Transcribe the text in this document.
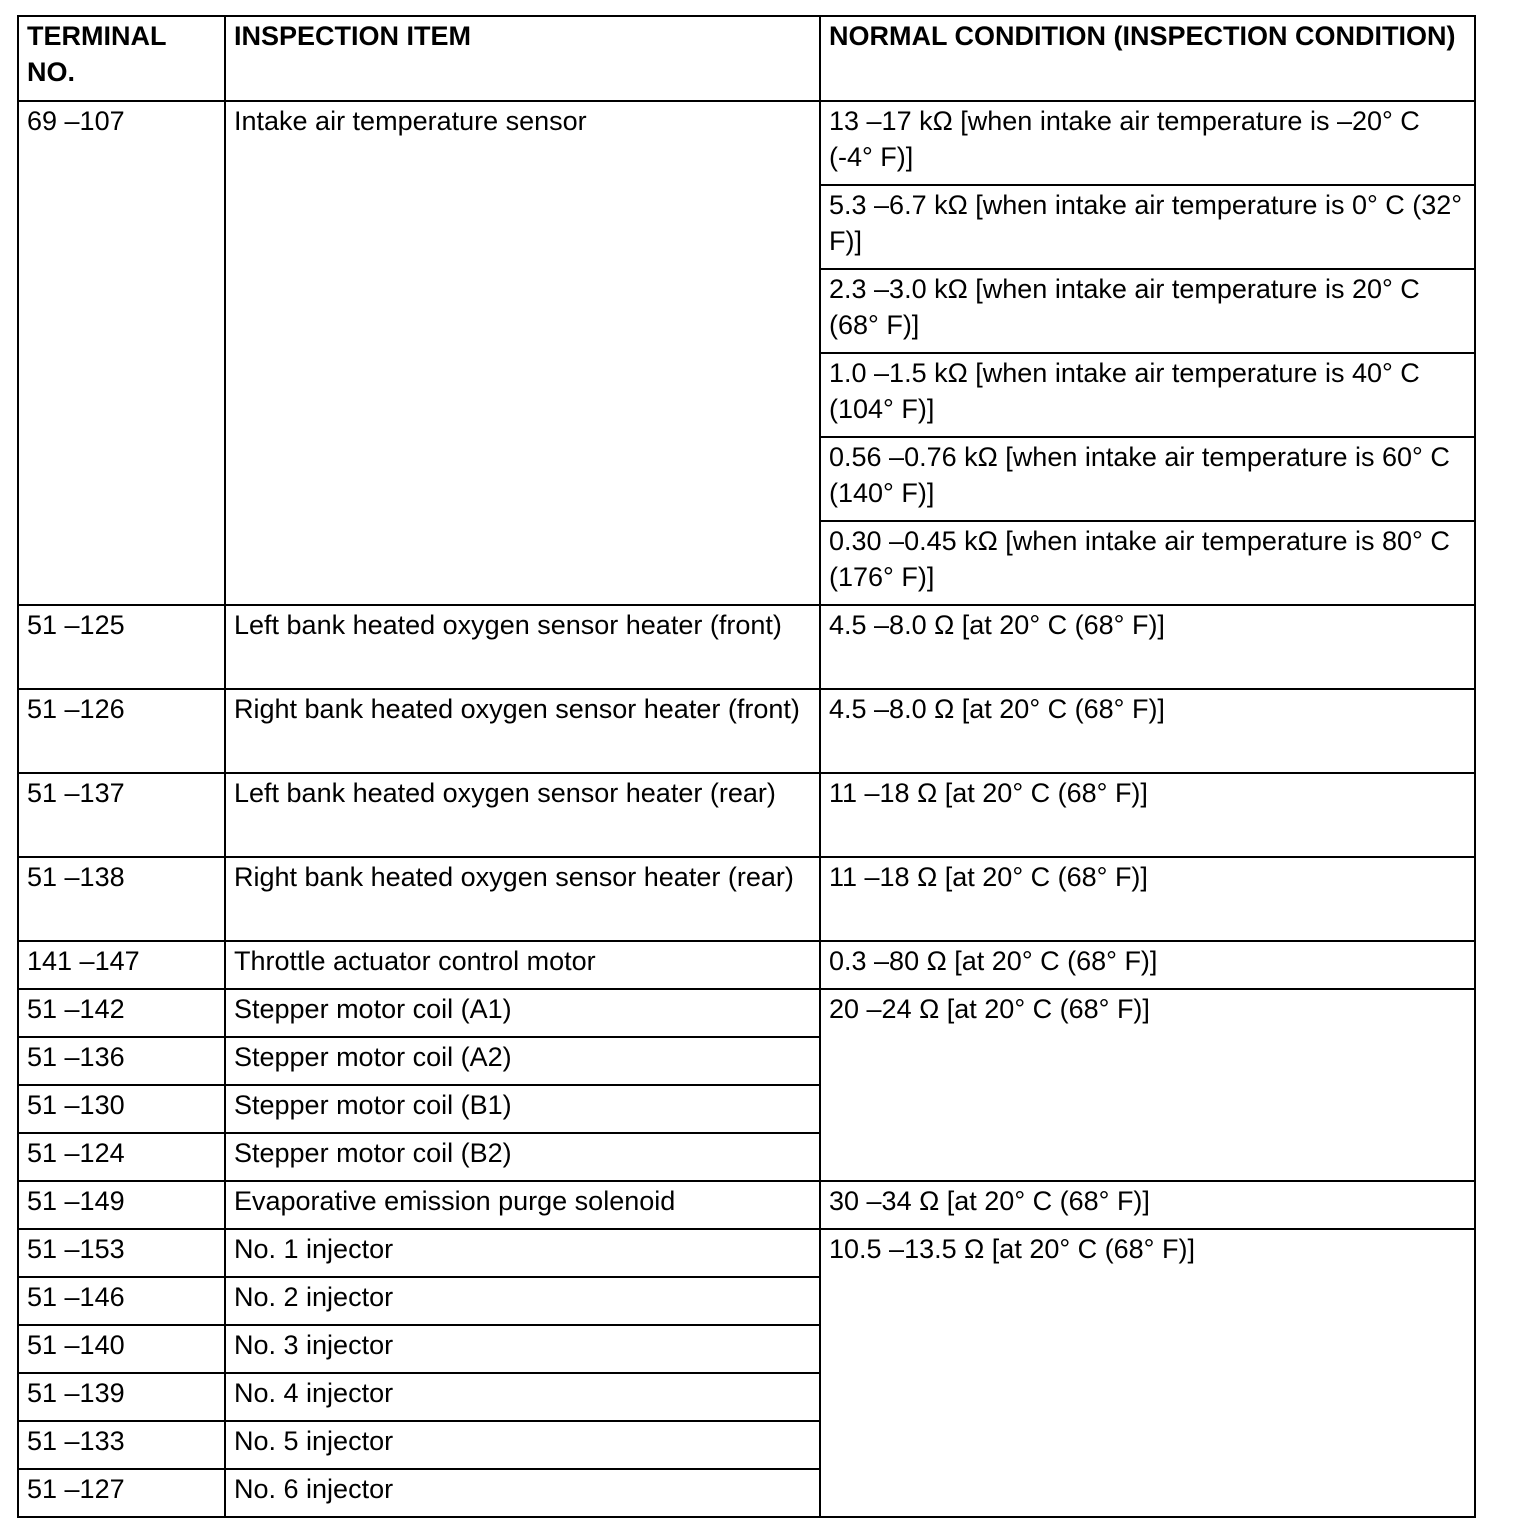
TERMINAL NO.	INSPECTION ITEM	NORMAL CONDITION (INSPECTION CONDITION)
69 –107	Intake air temperature sensor	13 –17 kΩ [when intake air temperature is –20° C (-4° F)]
		5.3 –6.7 kΩ [when intake air temperature is 0° C (32° F)]
		2.3 –3.0 kΩ [when intake air temperature is 20° C (68° F)]
		1.0 –1.5 kΩ [when intake air temperature is 40° C (104° F)]
		0.56 –0.76 kΩ [when intake air temperature is 60° C (140° F)]
		0.30 –0.45 kΩ [when intake air temperature is 80° C (176° F)]
51 –125	Left bank heated oxygen sensor heater (front)	4.5 –8.0 Ω [at 20° C (68° F)]
51 –126	Right bank heated oxygen sensor heater (front)	4.5 –8.0 Ω [at 20° C (68° F)]
51 –137	Left bank heated oxygen sensor heater (rear)	11 –18 Ω [at 20° C (68° F)]
51 –138	Right bank heated oxygen sensor heater (rear)	11 –18 Ω [at 20° C (68° F)]
141 –147	Throttle actuator control motor	0.3 –80 Ω [at 20° C (68° F)]
51 –142	Stepper motor coil (A1)	20 –24 Ω [at 20° C (68° F)]
51 –136	Stepper motor coil (A2)	
51 –130	Stepper motor coil (B1)	
51 –124	Stepper motor coil (B2)	
51 –149	Evaporative emission purge solenoid	30 –34 Ω [at 20° C (68° F)]
51 –153	No. 1 injector	10.5 –13.5 Ω [at 20° C (68° F)]
51 –146	No. 2 injector	
51 –140	No. 3 injector	
51 –139	No. 4 injector	
51 –133	No. 5 injector	
51 –127	No. 6 injector	
